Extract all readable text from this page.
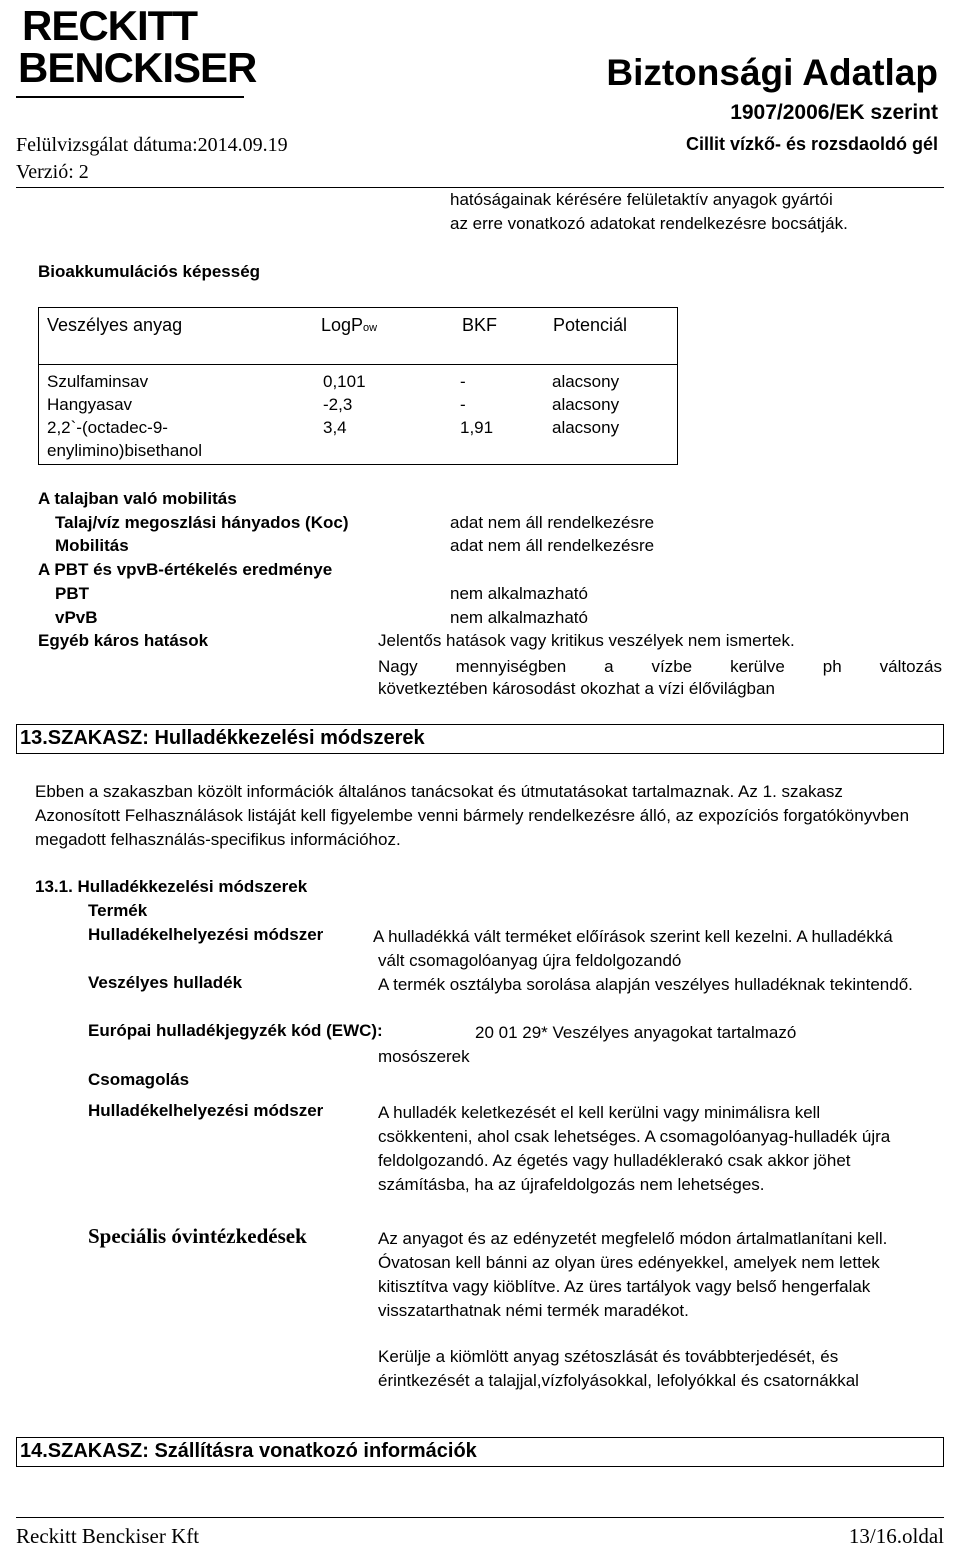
RECKITT
BENCKISER	Biztonsági Adatlap
1907/2006/EK szerint
Felülvizsgálat dátuma:2014.09.19	Cillit vízkő- és rozsdaoldó gél
Verzió: 2
hatóságainak kérésére felületaktív anyagok gyártói
az erre vonatkozó adatokat rendelkezésre bocsátják.
Bioakkumulációs képesség
Veszélyes anyag	LogPow	BKF	Potenciál
Szulfaminsav	0,101	-	alacsony
Hangyasav	-2,3	-	alacsony
2,2`-(octadec-9-
enylimino)bisethanol
3,4	1,91	alacsony
A talajban való mobilitás
Talaj/víz megoszlási hányados (Koc)	adat nem áll rendelkezésre
Mobilitás	adat nem áll rendelkezésre
A PBT és vpvB-értékelés eredménye
PBT	nem alkalmazható
vPvB	nem alkalmazható
Egyéb káros hatások	Jelentős hatások vagy kritikus veszélyek nem ismertek.
Nagy mennyiségben a vízbe kerülve ph változás
következtében károsodást okozhat a vízi élővilágban
13.SZAKASZ: Hulladékkezelési módszerek
Ebben a szakaszban közölt információk általános tanácsokat és útmutatásokat tartalmaznak. Az 1. szakasz Azonosított Felhasználások listáját kell figyelembe venni bármely rendelkezésre álló, az expozíciós forgatókönyvben megadott felhasználás-specifikus információhoz.
13.1. Hulladékkezelési módszerek
Termék
Hulladékelhelyezési módszer	A hulladékká vált terméket előírások szerint kell kezelni. A hulladékká vált csomagolóanyag újra feldolgozandó
Veszélyes hulladék	A termék osztályba sorolása alapján veszélyes hulladéknak tekintendő.
Európai hulladékjegyzék kód (EWC):	20 01 29* Veszélyes anyagokat tartalmazó mosószerek
Csomagolás
Hulladékelhelyezési módszer	A hulladék keletkezését el kell kerülni vagy minimálisra kell csökkenteni, ahol csak lehetséges. A csomagolóanyag-hulladék újra feldolgozandó. Az égetés vagy hulladéklerakó csak akkor jöhet számításba, ha az újrafeldolgozás nem lehetséges.
Speciális óvintézkedések	Az anyagot és az edényzetét megfelelő módon ártalmatlanítani kell. Óvatosan kell bánni az olyan üres edényekkel, amelyek nem lettek kitisztítva vagy kiöblítve. Az üres tartályok vagy belső hengerfalak visszatarthatnak némi termék maradékot.
Kerülje a kiömlött anyag szétoszlását és továbbterjedését, és érintkezését a talajjal,vízfolyásokkal, lefolyókkal és csatornákkal
14.SZAKASZ: Szállításra vonatkozó információk
Reckitt Benckiser Kft	13/16.oldal
